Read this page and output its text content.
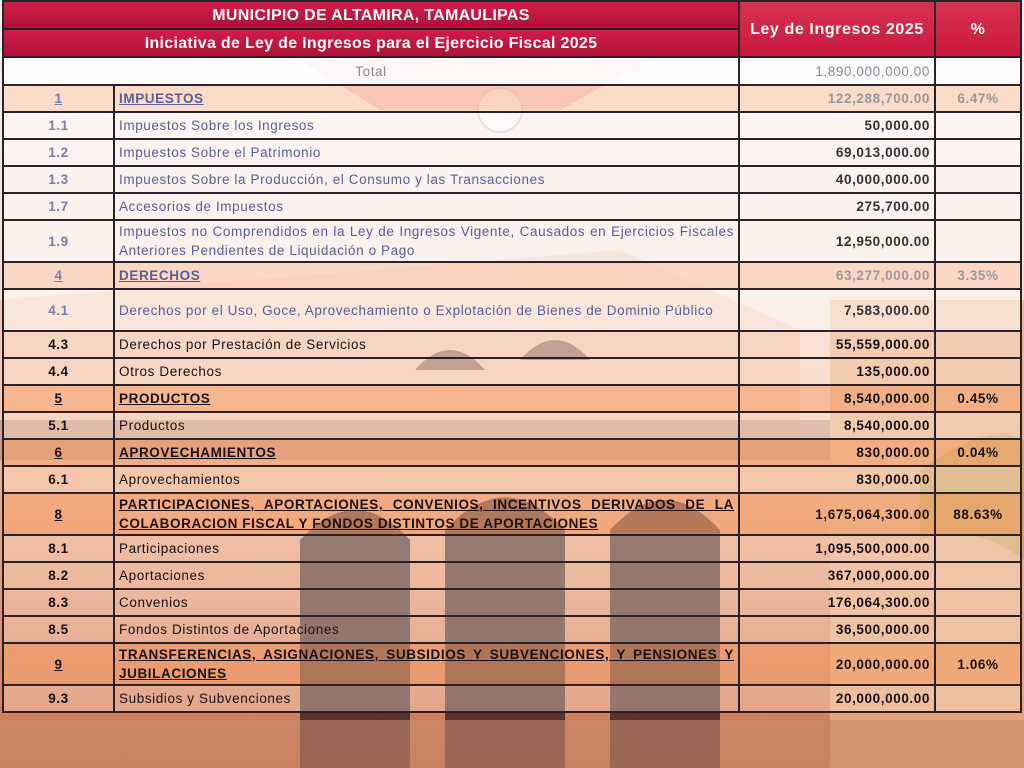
MUNICIPIO DE ALTAMIRA, TAMAULIPAS		Ley de Ingresos 2025	%
Iniciativa de Ley de Ingresos para el Ejercicio Fiscal 2025			
Total		1,890,000,000.00	
1	IMPUESTOS	122,288,700.00	6.47%
1.1	Impuestos Sobre los Ingresos	50,000.00	
1.2	Impuestos Sobre el Patrimonio	69,013,000.00	
1.3	Impuestos Sobre la Producción, el Consumo y las Transacciones	40,000,000.00	
1.7	Accesorios de Impuestos	275,700.00	
1.9	Impuestos no Comprendidos en la Ley de Ingresos Vigente, Causados en Ejercicios Fiscales Anteriores Pendientes de Liquidación o Pago	12,950,000.00	
4	DERECHOS	63,277,000.00	3.35%
4.1	Derechos por el Uso, Goce, Aprovechamiento o Explotación de Bienes de Dominio Público	7,583,000.00	
4.3	Derechos por Prestación de Servicios	55,559,000.00	
4.4	Otros Derechos	135,000.00	
5	PRODUCTOS	8,540,000.00	0.45%
5.1	Productos	8,540,000.00	
6	APROVECHAMIENTOS	830,000.00	0.04%
6.1	Aprovechamientos	830,000.00	
8	PARTICIPACIONES, APORTACIONES, CONVENIOS, INCENTIVOS DERIVADOS DE LA COLABORACION FISCAL Y FONDOS DISTINTOS DE APORTACIONES	1,675,064,300.00	88.63%
8.1	Participaciones	1,095,500,000.00	
8.2	Aportaciones	367,000,000.00	
8.3	Convenios	176,064,300.00	
8.5	Fondos Distintos de Aportaciones	36,500,000.00	
9	TRANSFERENCIAS, ASIGNACIONES, SUBSIDIOS Y SUBVENCIONES, Y PENSIONES Y JUBILACIONES	20,000,000.00	1.06%
9.3	Subsidios y Subvenciones	20,000,000.00	
